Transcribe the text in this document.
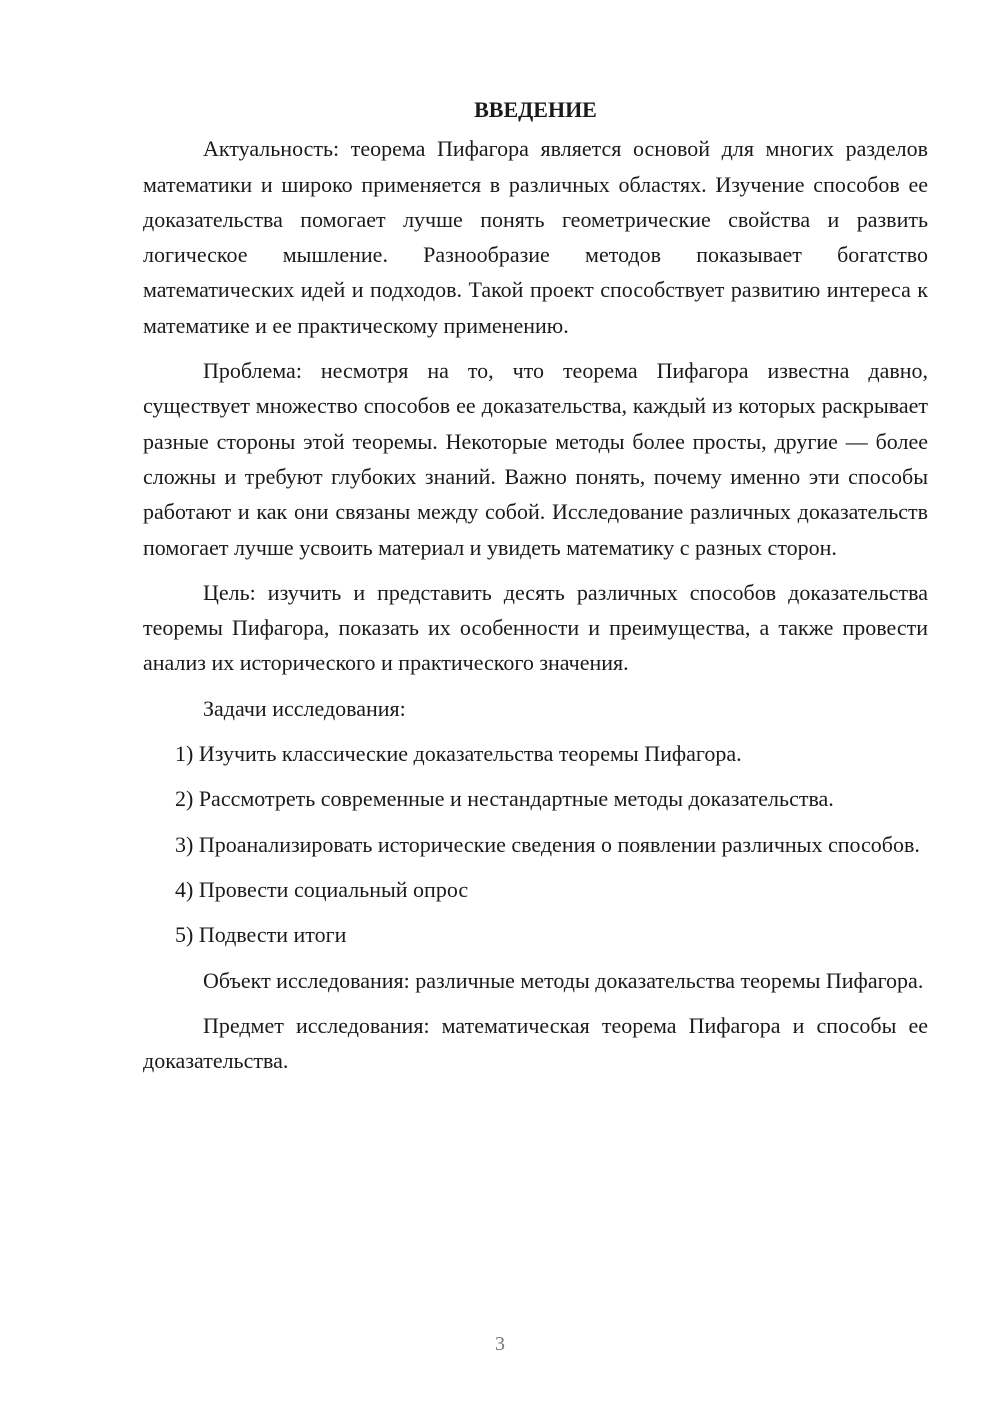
ВВЕДЕНИЕ

Актуальность: теорема Пифагора является основой для многих разделов математики и широко применяется в различных областях. Изучение способов ее доказательства помогает лучше понять геометрические свойства и развить логическое мышление. Разнообразие методов показывает богатство математических идей и подходов. Такой проект способствует развитию интереса к математике и ее практическому применению.

Проблема: несмотря на то, что теорема Пифагора известна давно, существует множество способов ее доказательства, каждый из которых раскрывает разные стороны этой теоремы. Некоторые методы более просты, другие — более сложны и требуют глубоких знаний. Важно понять, почему именно эти способы работают и как они связаны между собой. Исследование различных доказательств помогает лучше усвоить материал и увидеть математику с разных сторон.

Цель: изучить и представить десять различных способов доказательства теоремы Пифагора, показать их особенности и преимущества, а также провести анализ их исторического и практического значения.

Задачи исследования:

1) Изучить классические доказательства теоремы Пифагора.

2) Рассмотреть современные и нестандартные методы доказательства.

3) Проанализировать исторические сведения о появлении различных способов.

4) Провести социальный опрос

5) Подвести итоги

Объект исследования: различные методы доказательства теоремы Пифагора.

Предмет исследования: математическая теорема Пифагора и способы ее доказательства.

3
